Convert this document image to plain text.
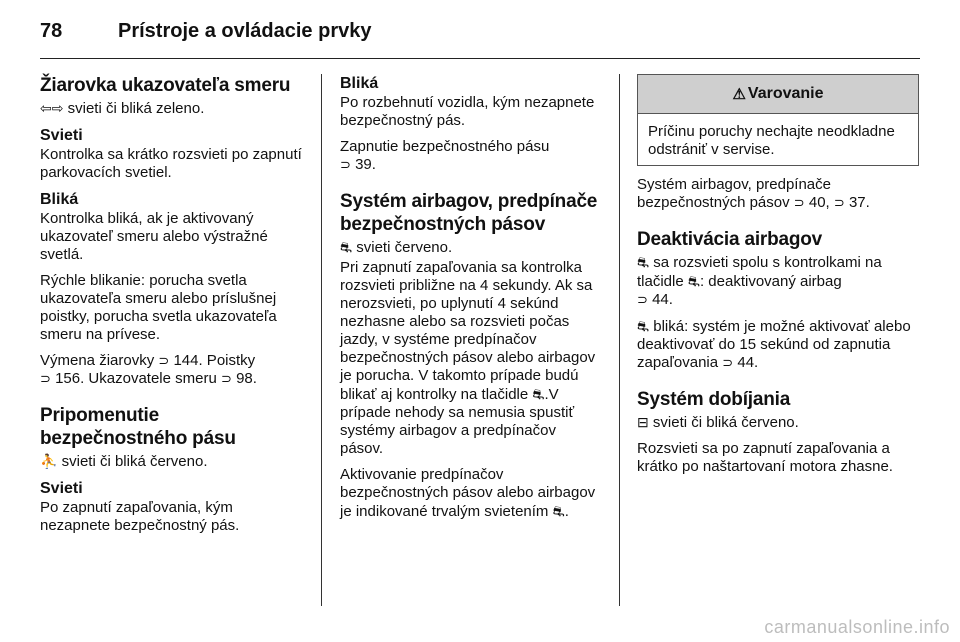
78	Prístroje a ovládacie prvky
Žiarovka ukazovateľa smeru

⇦⇨ svieti či bliká zeleno.

Svieti

Kontrolka sa krátko rozsvieti po zapnutí parkovacích svetiel.

Bliká

Kontrolka bliká, ak je aktivovaný ukazovateľ smeru alebo výstražné svetlá.

Rýchle blikanie: porucha svetla ukazovateľa smeru alebo príslušnej poistky, porucha svetla ukazovateľa smeru na prívese.

Výmena žiarovky ⊃ 144. Poistky
⊃ 156. Ukazovatele smeru ⊃ 98.

Pripomenutie bezpečnostného pásu

⛹ svieti či bliká červeno.

Svieti

Po zapnutí zapaľovania, kým nezapnete bezpečnostný pás.

Bliká

Po rozbehnutí vozidla, kým nezapnete bezpečnostný pás.

Zapnutie bezpečnostného pásu
⊃ 39.

Systém airbagov, predpínače bezpečnostných pásov

⛐ svieti červeno.

Pri zapnutí zapaľovania sa kontrolka rozsvieti približne na 4 sekundy. Ak sa nerozsvieti, po uplynutí 4 sekúnd nezhasne alebo sa rozsvieti počas jazdy, v systéme predpínačov bezpečnostných pásov alebo airbagov je porucha. V takomto prípade budú blikať aj kontrolky na tlačidle ⛐.V prípade nehody sa nemusia spustiť systémy airbagov a predpínačov pásov.

Aktivovanie predpínačov bezpečnostných pásov alebo airbagov je indikované trvalým svietením ⛐.

⚠ Varovanie

Príčinu poruchy nechajte neodkladne odstrániť v servise.

Systém airbagov, predpínače bezpečnostných pásov ⊃ 40, ⊃ 37.

Deaktivácia airbagov

⛐ sa rozsvieti spolu s kontrolkami na tlačidle ⛐: deaktivovaný airbag
⊃ 44.

⛐ bliká: systém je možné aktivovať alebo deaktivovať do 15 sekúnd od zapnutia zapaľovania ⊃ 44.

Systém dobíjania

⊟ svieti či bliká červeno.

Rozsvieti sa po zapnutí zapaľovania a krátko po naštartovaní motora zhasne.

carmanualsonline.info
